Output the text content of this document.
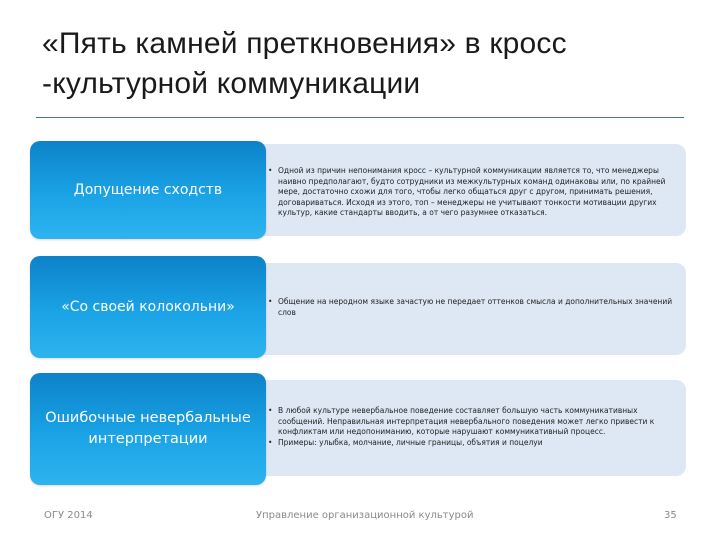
«Пять камней преткновения» в кросс -культурной коммуникации
• Одной из причин непонимания кросс – культурной коммуникации является то, что менеджеры наивно предполагают, будто сотрудники из межкультурных команд одинаковы или, по крайней мере, достаточно схожи для того, чтобы легко общаться друг с другом, принимать решения, договариваться. Исходя из этого, топ – менеджеры не учитывают тонкости мотивации других культур, какие стандарты вводить, а от чего разумнее отказаться.
Допущение сходств
• Общение на неродном языке зачастую не передает оттенков смысла и дополнительных значений слов
«Со своей колокольни»
• В любой культуре невербальное поведение составляет большую часть коммуникативных сообщений. Неправильная интерпретация невербального поведения может легко привести к конфликтам или недопониманию, которые нарушают коммуникативный процесс.
• Примеры: улыбка, молчание, личные границы, объятия и поцелуи
Ошибочные невербальные интерпретации
ОГУ 2014	Управление организационной культурой	35
